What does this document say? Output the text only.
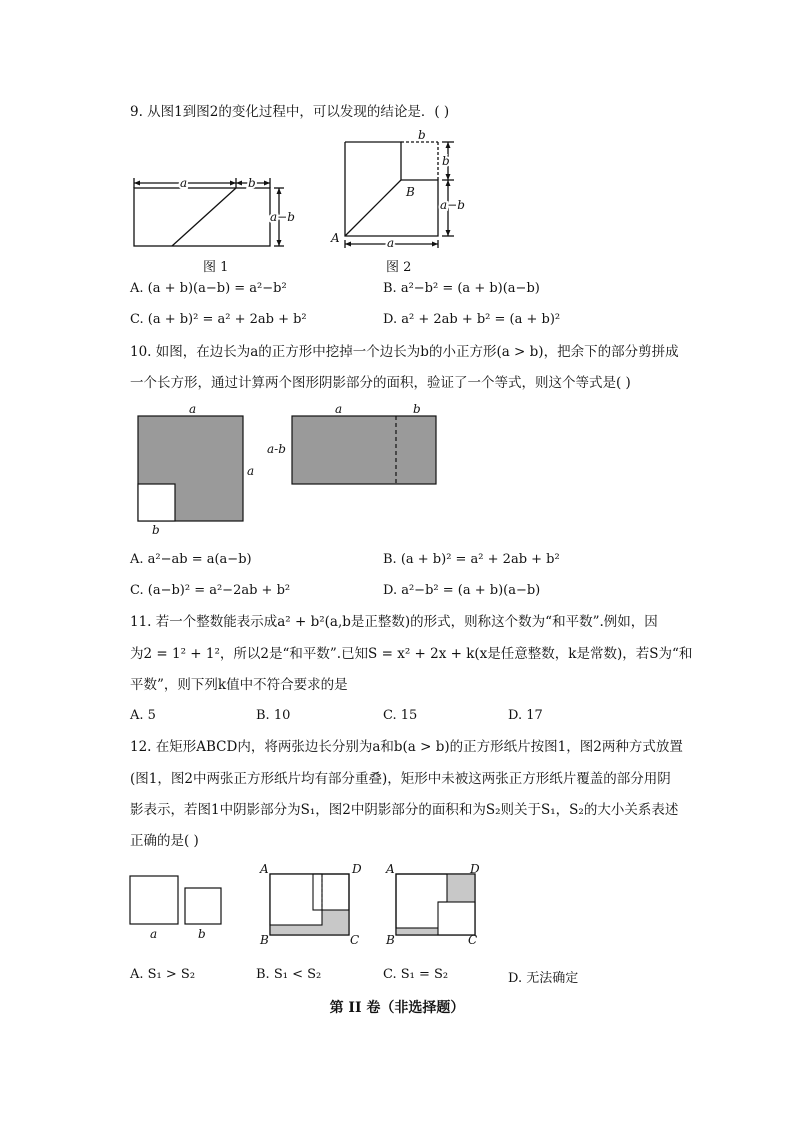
9. 从图1到图2的变化过程中，可以发现的结论是．( )
a	b
a−b
图 1
b
b
a−b
a
A
B
图 2
A. (a + b)(a−b) = a²−b²	B. a²−b² = (a + b)(a−b)
C. (a + b)² = a² + 2ab + b²	D. a² + 2ab + b² = (a + b)²
10. 如图，在边长为a的正方形中挖掉一个边长为b的小正方形(a > b)，把余下的部分剪拼成
一个长方形，通过计算两个图形阴影部分的面积，验证了一个等式，则这个等式是( )
a
a
b
a	b
a-b
A. a²−ab = a(a−b)	B. (a + b)² = a² + 2ab + b²
C. (a−b)² = a²−2ab + b²	D. a²−b² = (a + b)(a−b)
11. 若一个整数能表示成a² + b²(a,b是正整数)的形式，则称这个数为“和平数”.例如，因
为2 = 1² + 1²，所以2是“和平数”.已知S = x² + 2x + k(x是任意整数，k是常数)，若S为“和
平数”，则下列k值中不符合要求的是
A. 5	B. 10	C. 15	D. 17
12. 在矩形ABCD内，将两张边长分别为a和b(a > b)的正方形纸片按图1，图2两种方式放置
(图1，图2中两张正方形纸片均有部分重叠)，矩形中未被这两张正方形纸片覆盖的部分用阴
影表示，若图1中阴影部分为S₁，图2中阴影部分的面积和为S₂则关于S₁，S₂的大小关系表述
正确的是( )
a	b
A	D
B	C
A	D
B	C
A. S₁ > S₂	B. S₁ < S₂	C. S₁ = S₂	D. 无法确定
第 II 卷（非选择题）
